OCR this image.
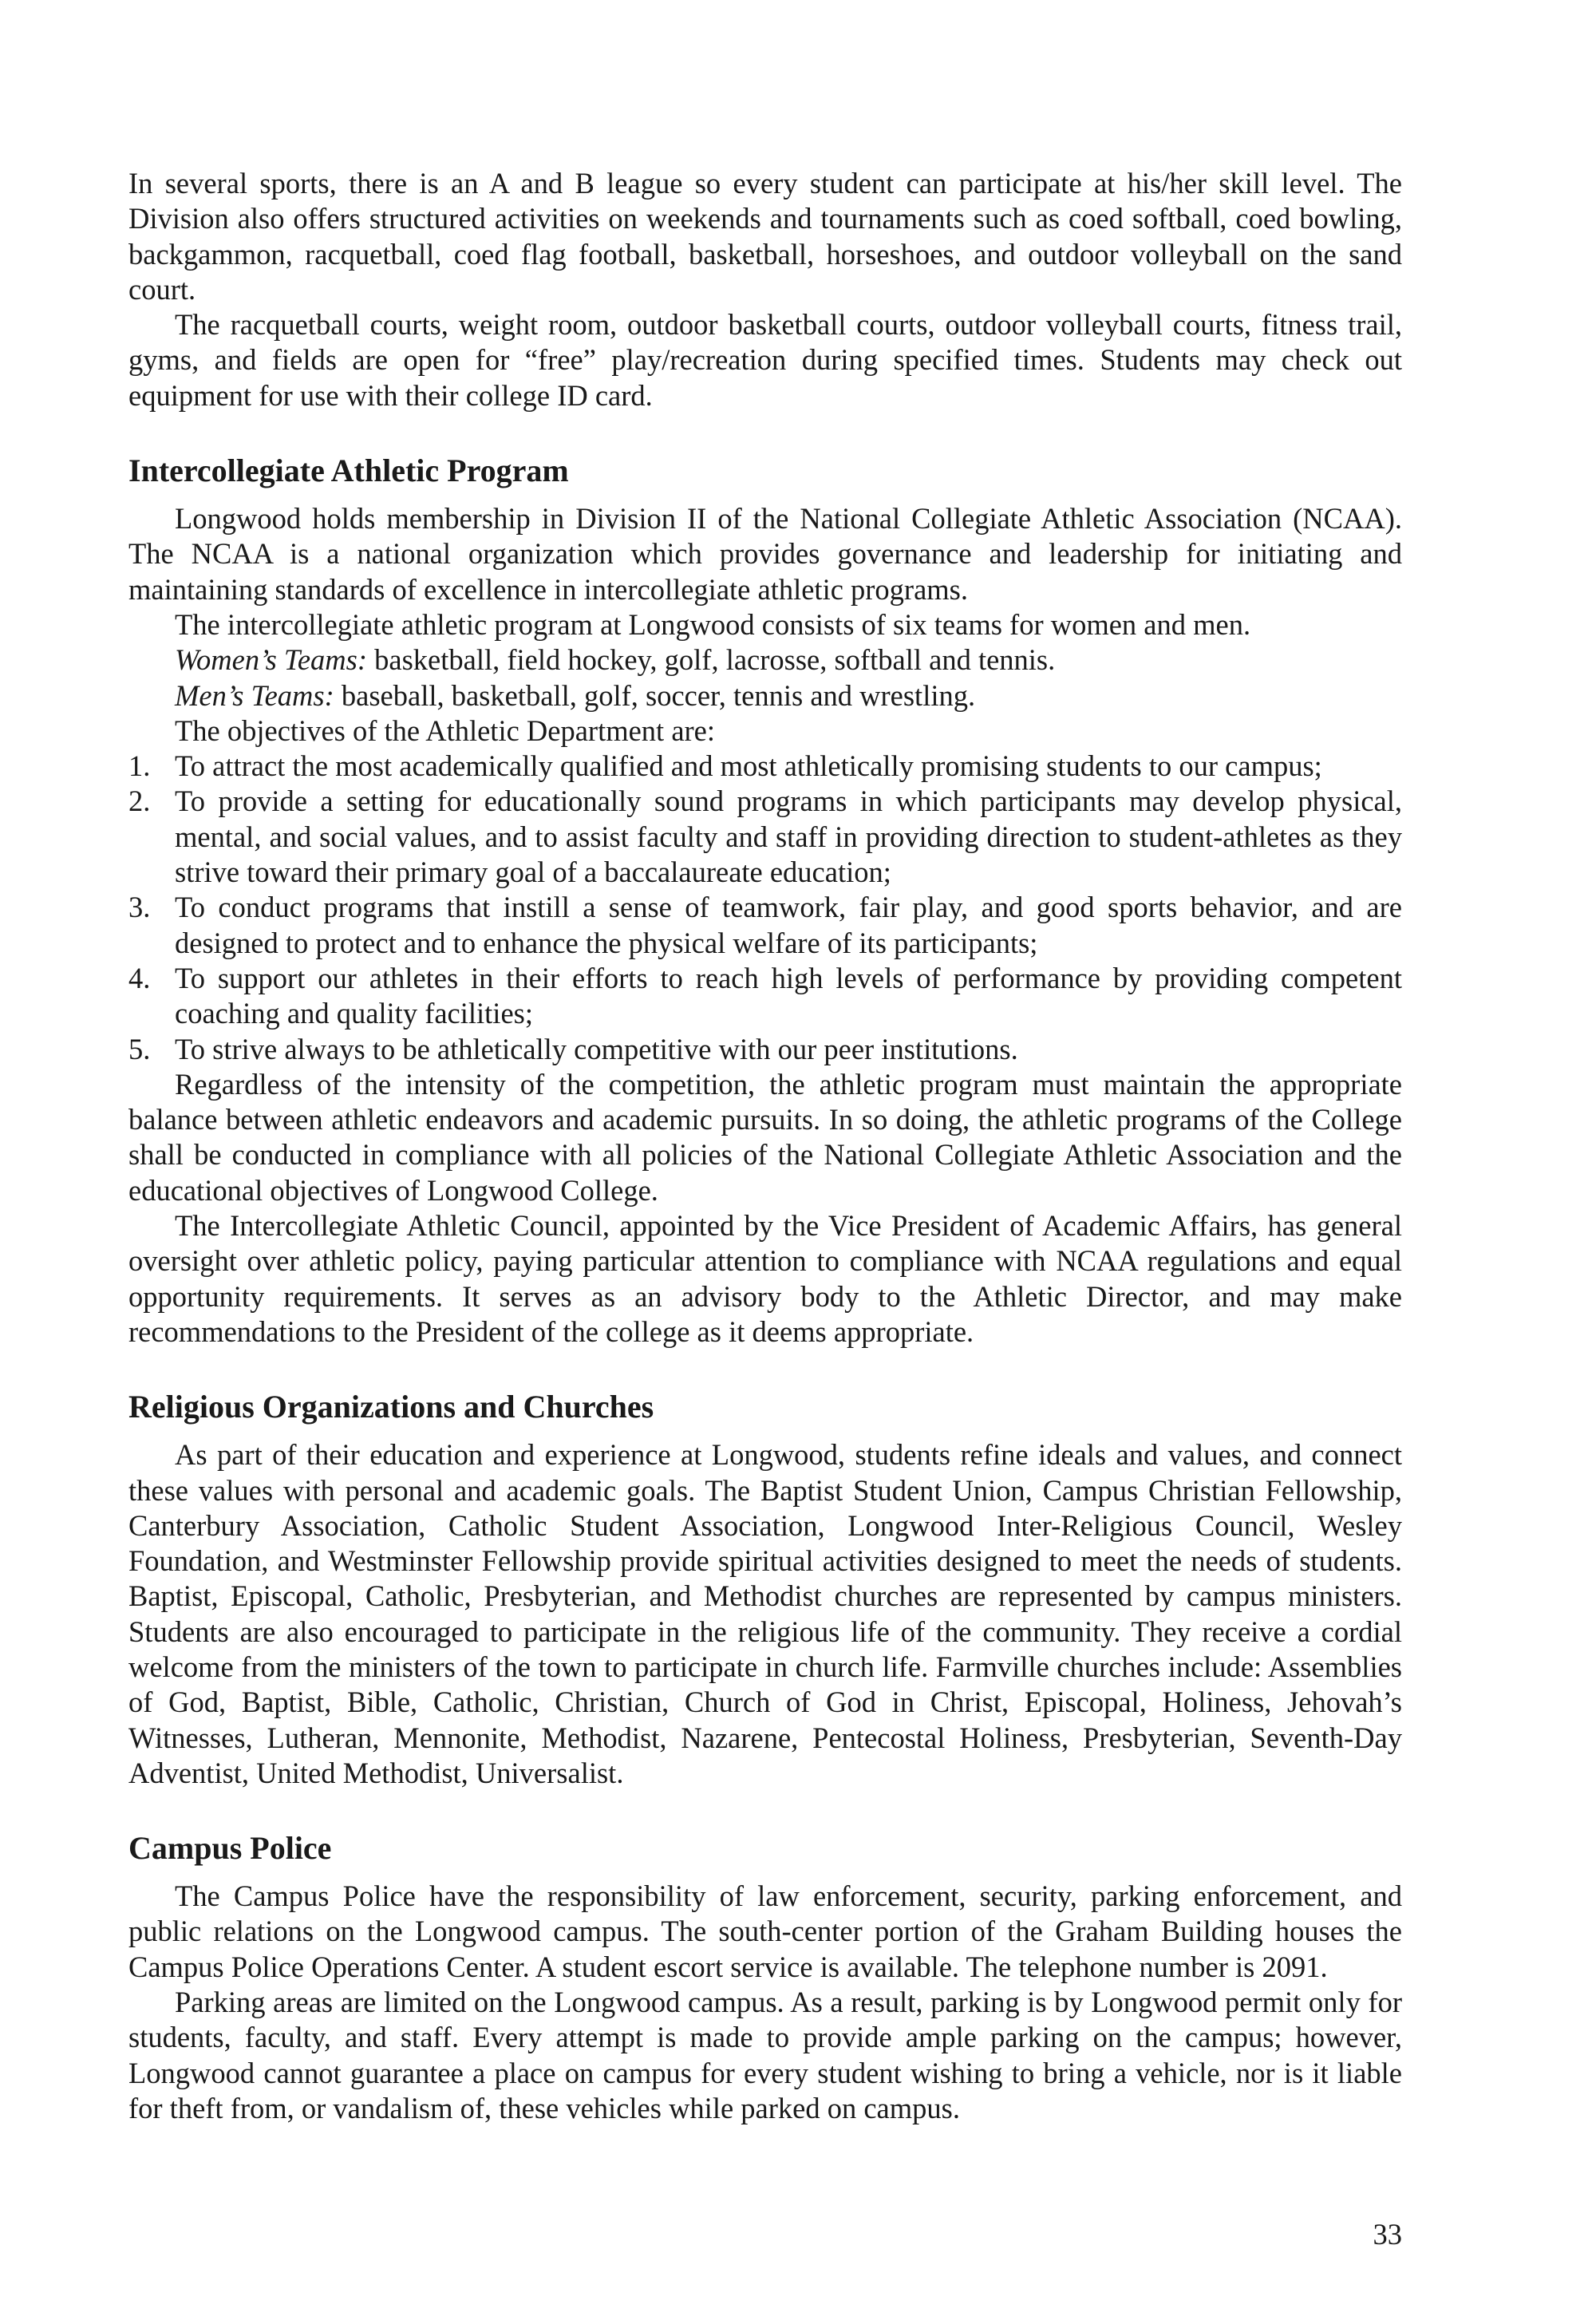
In several sports, there is an A and B league so every student can participate at his/her skill level. The Division also offers structured activities on weekends and tournaments such as coed softball, coed bowling, backgammon, racquetball, coed flag football, basketball, horseshoes, and outdoor volleyball on the sand court.

The racquetball courts, weight room, outdoor basketball courts, outdoor volleyball courts, fitness trail, gyms, and fields are open for “free” play/recreation during specified times. Students may check out equipment for use with their college ID card.

Intercollegiate Athletic Program

Longwood holds membership in Division II of the National Collegiate Athletic Association (NCAA). The NCAA is a national organization which provides governance and leadership for initiating and maintaining standards of excellence in intercollegiate athletic programs.

The intercollegiate athletic program at Longwood consists of six teams for women and men.

Women’s Teams: basketball, field hockey, golf, lacrosse, softball and tennis.

Men’s Teams: baseball, basketball, golf, soccer, tennis and wrestling.

The objectives of the Athletic Department are:

1. To attract the most academically qualified and most athletically promising students to our campus;
2. To provide a setting for educationally sound programs in which participants may develop physical, mental, and social values, and to assist faculty and staff in providing direction to student-athletes as they strive toward their primary goal of a baccalaureate education;
3. To conduct programs that instill a sense of teamwork, fair play, and good sports behavior, and are designed to protect and to enhance the physical welfare of its participants;
4. To support our athletes in their efforts to reach high levels of performance by providing competent coaching and quality facilities;
5. To strive always to be athletically competitive with our peer institutions.

Regardless of the intensity of the competition, the athletic program must maintain the appropriate balance between athletic endeavors and academic pursuits. In so doing, the athletic programs of the College shall be conducted in compliance with all policies of the National Collegiate Athletic Association and the educational objectives of Longwood College.

The Intercollegiate Athletic Council, appointed by the Vice President of Academic Affairs, has general oversight over athletic policy, paying particular attention to compliance with NCAA regulations and equal opportunity requirements. It serves as an advisory body to the Athletic Director, and may make recommendations to the President of the college as it deems appropriate.

Religious Organizations and Churches

As part of their education and experience at Longwood, students refine ideals and values, and connect these values with personal and academic goals. The Baptist Student Union, Campus Christian Fellowship, Canterbury Association, Catholic Student Association, Longwood Inter-Religious Council, Wesley Foundation, and Westminster Fellowship provide spiritual activities designed to meet the needs of students. Baptist, Episcopal, Catholic, Presbyterian, and Methodist churches are represented by campus ministers. Students are also encouraged to participate in the religious life of the community. They receive a cordial welcome from the ministers of the town to participate in church life. Farmville churches include: Assemblies of God, Baptist, Bible, Catholic, Christian, Church of God in Christ, Episcopal, Holiness, Jehovah’s Witnesses, Lutheran, Mennonite, Methodist, Nazarene, Pentecostal Holiness, Presbyterian, Seventh-Day Adventist, United Methodist, Universalist.

Campus Police

The Campus Police have the responsibility of law enforcement, security, parking enforcement, and public relations on the Longwood campus. The south-center portion of the Graham Building houses the Campus Police Operations Center. A student escort service is available. The telephone number is 2091.

Parking areas are limited on the Longwood campus. As a result, parking is by Longwood permit only for students, faculty, and staff. Every attempt is made to provide ample parking on the campus; however, Longwood cannot guarantee a place on campus for every student wishing to bring a vehicle, nor is it liable for theft from, or vandalism of, these vehicles while parked on campus.

33
